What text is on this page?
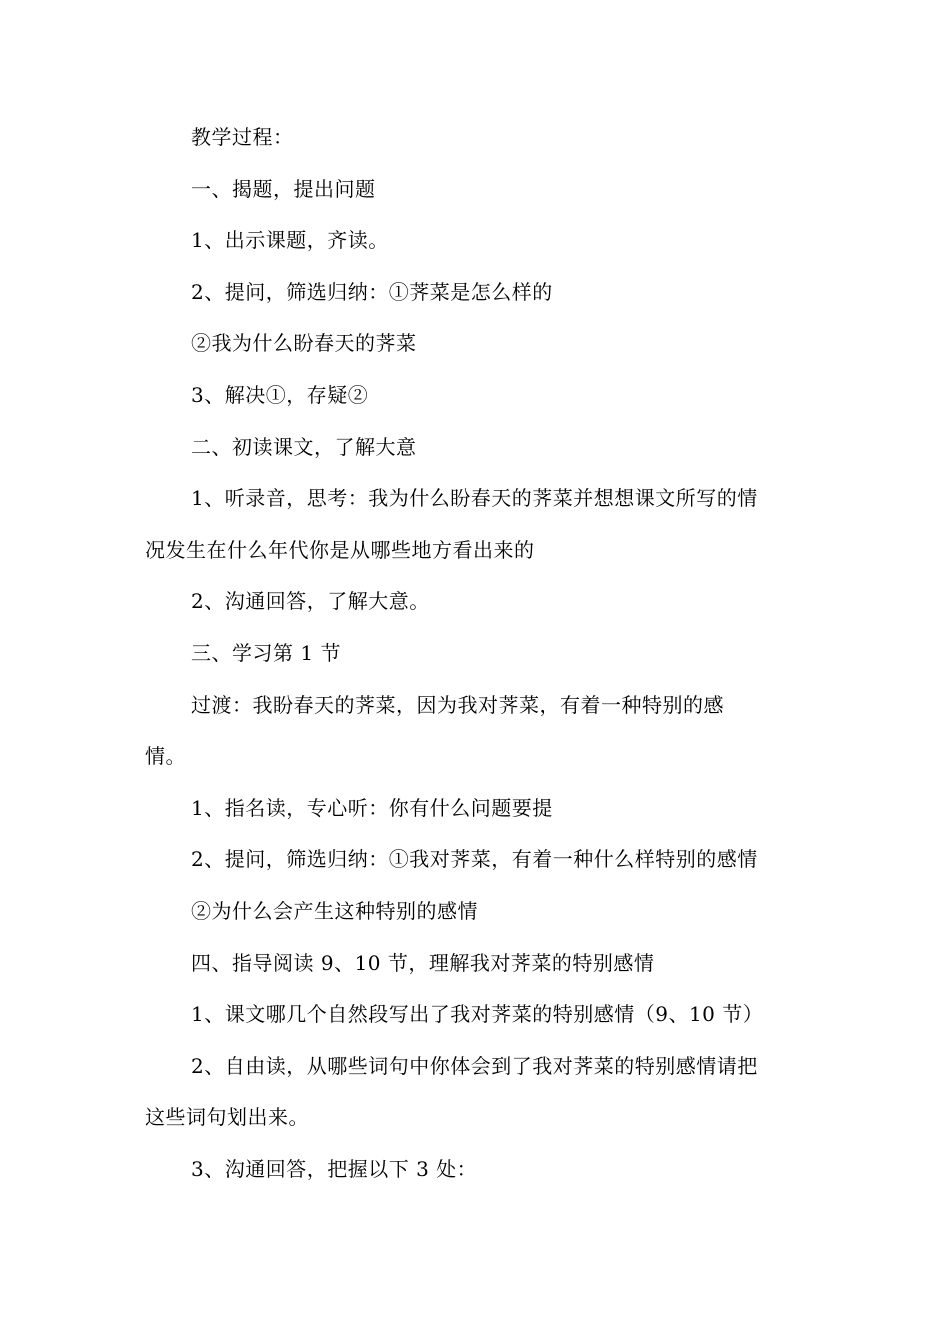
教学过程：
一、揭题，提出问题
1、出示课题，齐读。
2、提问，筛选归纳：①荠菜是怎么样的
②我为什么盼春天的荠菜
3、解决①，存疑②
二、初读课文，了解大意
1、听录音，思考：我为什么盼春天的荠菜并想想课文所写的情
况发生在什么年代你是从哪些地方看出来的
2、沟通回答，了解大意。
三、学习第 1 节
过渡：我盼春天的荠菜，因为我对荠菜，有着一种特别的感
情。
1、指名读，专心听：你有什么问题要提
2、提问，筛选归纳：①我对荠菜，有着一种什么样特别的感情
②为什么会产生这种特别的感情
四、指导阅读 9、10 节，理解我对荠菜的特别感情
1、课文哪几个自然段写出了我对荠菜的特别感情（9、10 节）
2、自由读，从哪些词句中你体会到了我对荠菜的特别感情请把
这些词句划出来。
3、沟通回答，把握以下 3 处：
